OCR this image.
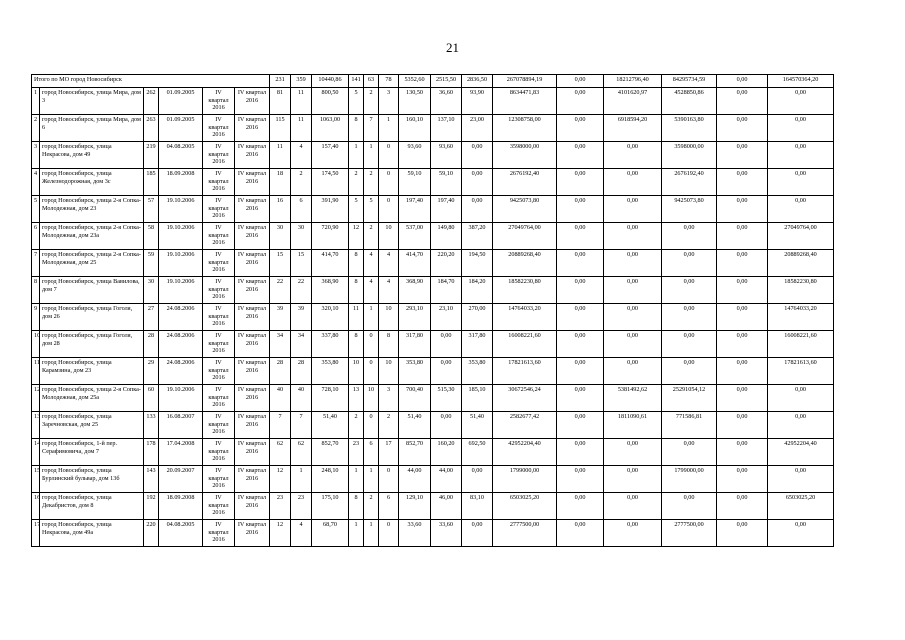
21
Итого по МО город Новосибирск						231	359	10440,86	141	63	78	5352,60	2515,50	2836,50	267078894,19	0,00	18212796,40	84295734,59	0,00	164570364,20
1	город Новосибирск, улица Мира, дом 3	262	01.09.2005	IV квартал 2016	IV квартал 2016	81	11	800,50	5	2	3	130,50	36,60	93,90	8634471,83	0,00	4101620,97	4528850,86	0,00	0,00
2	город Новосибирск, улица Мира, дом 6	263	01.09.2005	IV квартал 2016	IV квартал 2016	115	11	1063,00	8	7	1	160,10	137,10	23,00	12308758,00	0,00	6918594,20	5390163,80	0,00	0,00
3	город Новосибирск, улица Некрасова, дом 49	219	04.08.2005	IV квартал 2016	IV квартал 2016	11	4	157,40	1	1	0	93,60	93,60	0,00	3598000,00	0,00	0,00	3598000,00	0,00	0,00
4	город Новосибирск, улица Железнодорожная, дом 3с	185	18.09.2008	IV квартал 2016	IV квартал 2016	18	2	174,50	2	2	0	59,10	59,10	0,00	2676192,40	0,00	0,00	2676192,40	0,00	0,00
5	город Новосибирск, улица 2-я Сопка-Молодежная, дом 23	57	19.10.2006	IV квартал 2016	IV квартал 2016	16	6	391,90	5	5	0	197,40	197,40	0,00	9425073,80	0,00	0,00	9425073,80	0,00	0,00
6	город Новосибирск, улица 2-я Сопка-Молодежная, дом 23а	58	19.10.2006	IV квартал 2016	IV квартал 2016	30	30	720,90	12	2	10	537,00	149,80	387,20	27049764,00	0,00	0,00	0,00	0,00	27049764,00
7	город Новосибирск, улица 2-я Сопка-Молодежная, дом 25	59	19.10.2006	IV квартал 2016	IV квартал 2016	15	15	414,70	8	4	4	414,70	220,20	194,50	20889268,40	0,00	0,00	0,00	0,00	20889268,40
8	город Новосибирск, улица Вавилова, дом 7	30	19.10.2006	IV квартал 2016	IV квартал 2016	22	22	368,90	8	4	4	368,90	184,70	184,20	18582230,80	0,00	0,00	0,00	0,00	18582230,80
9	город Новосибирск, улица Гоголя, дом 26	27	24.08.2006	IV квартал 2016	IV квартал 2016	39	39	320,10	11	1	10	293,10	23,10	270,00	14764033,20	0,00	0,00	0,00	0,00	14764033,20
10	город Новосибирск, улица Гоголя, дом 28	28	24.08.2006	IV квартал 2016	IV квартал 2016	34	34	337,80	8	0	8	317,80	0,00	317,80	16008221,60	0,00	0,00	0,00	0,00	16008221,60
11	город Новосибирск, улица Карамзина, дом 23	29	24.08.2006	IV квартал 2016	IV квартал 2016	28	28	353,80	10	0	10	353,80	0,00	353,80	17821613,60	0,00	0,00	0,00	0,00	17821613,60
12	город Новосибирск, улица 2-я Сопка-Молодежная, дом 25а	60	19.10.2006	IV квартал 2016	IV квартал 2016	40	40	728,10	13	10	3	700,40	515,30	185,10	30672546,24	0,00	5381492,62	25291054,12	0,00	0,00
13	город Новосибирск, улица Заречновская, дом 25	133	16.08.2007	IV квартал 2016	IV квартал 2016	7	7	51,40	2	0	2	51,40	0,00	51,40	2582677,42	0,00	1811090,61	771586,81	0,00	0,00
14	город Новосибирск, 1-й пер. Серафимовича, дом 7	178	17.04.2008	IV квартал 2016	IV квартал 2016	62	62	852,70	23	6	17	852,70	160,20	692,50	42952204,40	0,00	0,00	0,00	0,00	42952204,40
15	город Новосибирск, улица Бурлинский бульвар, дом 13б	143	20.09.2007	IV квартал 2016	IV квартал 2016	12	1	248,10	1	1	0	44,00	44,00	0,00	1799000,00	0,00	0,00	1799000,00	0,00	0,00
16	город Новосибирск, улица Декабристов, дом 8	192	18.09.2008	IV квартал 2016	IV квартал 2016	23	23	175,10	8	2	6	129,10	46,00	83,10	6503025,20	0,00	0,00	0,00	0,00	6503025,20
17	город Новосибирск, улица Некрасова, дом 49а	220	04.08.2005	IV квартал 2016	IV квартал 2016	12	4	68,70	1	1	0	33,60	33,60	0,00	2777500,00	0,00	0,00	2777500,00	0,00	0,00
